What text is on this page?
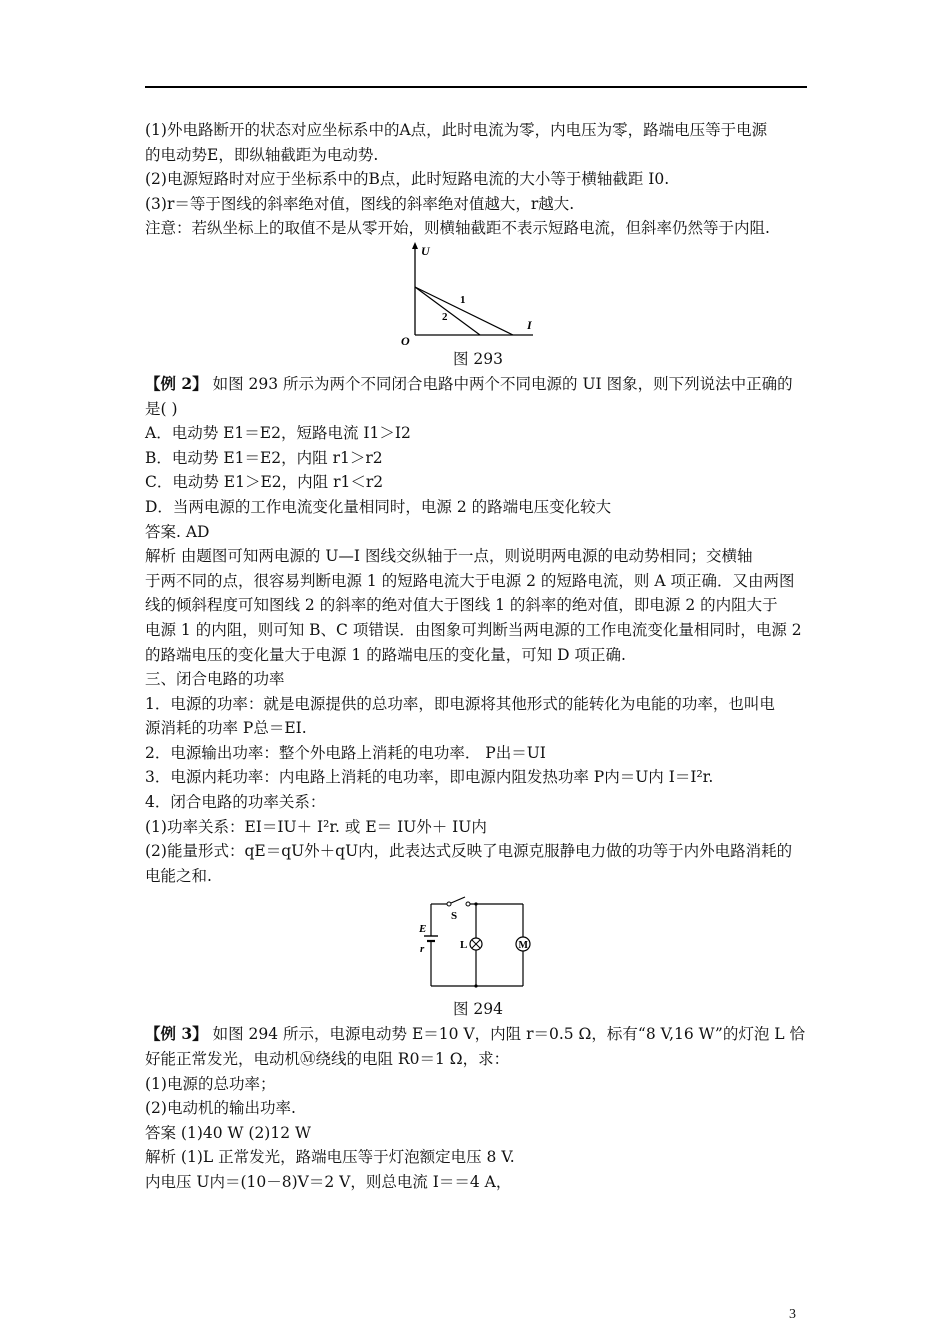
(1)外电路断开的状态对应坐标系中的A点，此时电流为零，内电压为零，路端电压等于电源
的电动势E，即纵轴截距为电动势.
(2)电源短路时对应于坐标系中的B点，此时短路电流的大小等于横轴截距 I0.
(3)r＝等于图线的斜率绝对值，图线的斜率绝对值越大，r越大.
注意：若纵坐标上的取值不是从零开始，则横轴截距不表示短路电流，但斜率仍然等于内阻.
U
I
O
1
2
图 293
【例 2】 如图 293 所示为两个不同闭合电路中两个不同电源的 UI 图象，则下列说法中正确的
是( )
A．电动势 E1＝E2，短路电流 I1＞I2
B．电动势 E1＝E2，内阻 r1＞r2
C．电动势 E1＞E2，内阻 r1＜r2
D．当两电源的工作电流变化量相同时，电源 2 的路端电压变化较大
答案. AD
解析 由题图可知两电源的 U—I 图线交纵轴于一点，则说明两电源的电动势相同；交横轴
于两不同的点，很容易判断电源 1 的短路电流大于电源 2 的短路电流，则 A 项正确．又由两图
线的倾斜程度可知图线 2 的斜率的绝对值大于图线 1 的斜率的绝对值，即电源 2 的内阻大于
电源 1 的内阻，则可知 B、C 项错误．由图象可判断当两电源的工作电流变化量相同时，电源 2
的路端电压的变化量大于电源 1 的路端电压的变化量，可知 D 项正确.
三、闭合电路的功率
1．电源的功率：就是电源提供的总功率，即电源将其他形式的能转化为电能的功率，也叫电
源消耗的功率 P总＝EI.
2．电源输出功率：整个外电路上消耗的电功率． P出＝UI
3．电源内耗功率：内电路上消耗的电功率，即电源内阻发热功率 P内＝U内 I＝I²r.
4．闭合电路的功率关系：
(1)功率关系：EI＝IU＋ I²r. 或 E＝ IU外＋ IU内
(2)能量形式：qE＝qU外＋qU内，此表达式反映了电源克服静电力做的功等于内外电路消耗的
电能之和.
S
E
r	L	M
图 294
【例 3】 如图 294 所示，电源电动势 E＝10 V，内阻 r＝0.5 Ω，标有“8 V,16 W”的灯泡 L 恰
好能正常发光，电动机Ⓜ绕线的电阻 R0＝1 Ω，求：
(1)电源的总功率；
(2)电动机的输出功率.
答案 (1)40 W (2)12 W
解析 (1)L 正常发光，路端电压等于灯泡额定电压 8 V.
内电压 U内＝(10－8)V＝2 V，则总电流 I＝＝4 A，
3
